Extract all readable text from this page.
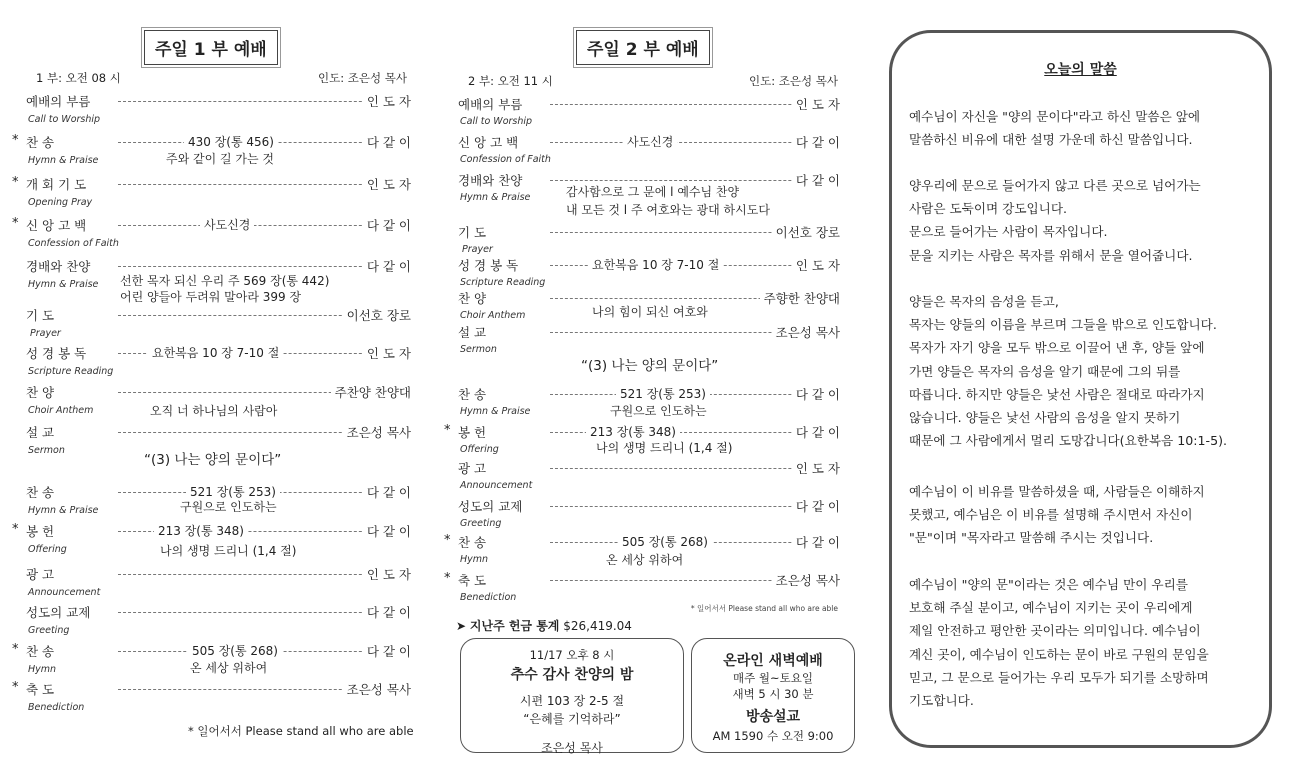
주일 1 부 예배
1 부: 오전 08 시	인도: 조은성 목사
예배의 부름	인 도 자
Call to Worship
* 찬 송	430 장(통 456)	다 같 이
Hymn & Praise	주와 같이 길 가는 것
* 개 회 기 도	인 도 자
Opening Pray
* 신 앙 고 백	사도신경	다 같 이
Confession of Faith
경배와 찬양	다 같 이
Hymn & Praise 선한 목자 되신 우리 주 569 장(통 442)
어린 양들아 두려워 말아라 399 장
기 도	이선호 장로
Prayer
성 경 봉 독	요한복음 10 장 7-10 절	인 도 자
Scripture Reading
찬 양	주찬양 찬양대
Choir Anthem	오직 너 하나님의 사람아
설 교	조은성 목사
Sermon
찬 송	521 장(통 253)	다 같 이
Hymn & Praise	구원으로 인도하는
* 봉 헌	213 장(통 348)	다 같 이
Offering	나의 생명 드리니 (1,4 절)
광 고	인 도 자
Announcement
성도의 교제	다 같 이
Greeting
* 찬 송	505 장(통 268)	다 같 이
Hymn	온 세상 위하여
* 축 도	조은성 목사
Benediction
“(3) 나는 양의 문이다”
* 일어서서 Please stand all who are able
주일 2 부 예배
2 부: 오전 11 시	인도: 조은성 목사
예배의 부름	인 도 자
Call to Worship
신 앙 고 백	사도신경	다 같 이
Confession of Faith
경배와 찬양	다 같 이
Hymn & Praise	감사함으로 그 문에 l 예수님 찬양
내 모든 것 l 주 여호와는 광대 하시도다
기 도	이선호 장로
Prayer
성 경 봉 독	요한복음 10 장 7-10 절	인 도 자
Scripture Reading
찬 양	주향한 찬양대
Choir Anthem	나의 힘이 되신 여호와
설 교	조은성 목사
Sermon
찬 송	521 장(통 253)	다 같 이
Hymn & Praise	구원으로 인도하는
* 봉 헌	213 장(통 348)	다 같 이
Offering	나의 생명 드리니 (1,4 절)
광 고	인 도 자
Announcement
성도의 교제	다 같 이
Greeting
* 찬 송	505 장(통 268)	다 같 이
Hymn	온 세상 위하여
* 축 도	조은성 목사
Benediction
“(3) 나는 양의 문이다”
* 일어서서 Please stand all who are able
➤ 지난주 헌금 통계 $26,419.04
11/17 오후 8 시
추수 감사 찬양의 밤
시편 103 장 2-5 절
“은혜를 기억하라”
조은성 목사
온라인 새벽예배
매주 월~토요일
새벽 5 시 30 분
방송설교
AM 1590 수 오전 9:00
오늘의 말씀
예수님이 자신을 "양의 문이다"라고 하신 말씀은 앞에
말씀하신 비유에 대한 설명 가운데 하신 말씀입니다.
양우리에 문으로 들어가지 않고 다른 곳으로 넘어가는
사람은 도둑이며 강도입니다.
문으로 들어가는 사람이 목자입니다.
문을 지키는 사람은 목자를 위해서 문을 열어줍니다.
양들은 목자의 음성을 듣고,
목자는 양들의 이름을 부르며 그들을 밖으로 인도합니다.
목자가 자기 양을 모두 밖으로 이끌어 낸 후, 양들 앞에
가면 양들은 목자의 음성을 알기 때문에 그의 뒤를
따릅니다. 하지만 양들은 낯선 사람은 절대로 따라가지
않습니다. 양들은 낯선 사람의 음성을 알지 못하기
때문에 그 사람에게서 멀리 도망갑니다(요한복음 10:1-5).
예수님이 이 비유를 말씀하셨을 때, 사람들은 이해하지
못했고, 예수님은 이 비유를 설명해 주시면서 자신이
"문"이며 "목자라고 말씀해 주시는 것입니다.
예수님이 "양의 문"이라는 것은 예수님 만이 우리를
보호해 주실 분이고, 예수님이 지키는 곳이 우리에게
제일 안전하고 평안한 곳이라는 의미입니다. 예수님이
계신 곳이, 예수님이 인도하는 문이 바로 구원의 문임을
믿고, 그 문으로 들어가는 우리 모두가 되기를 소망하며
기도합니다.
